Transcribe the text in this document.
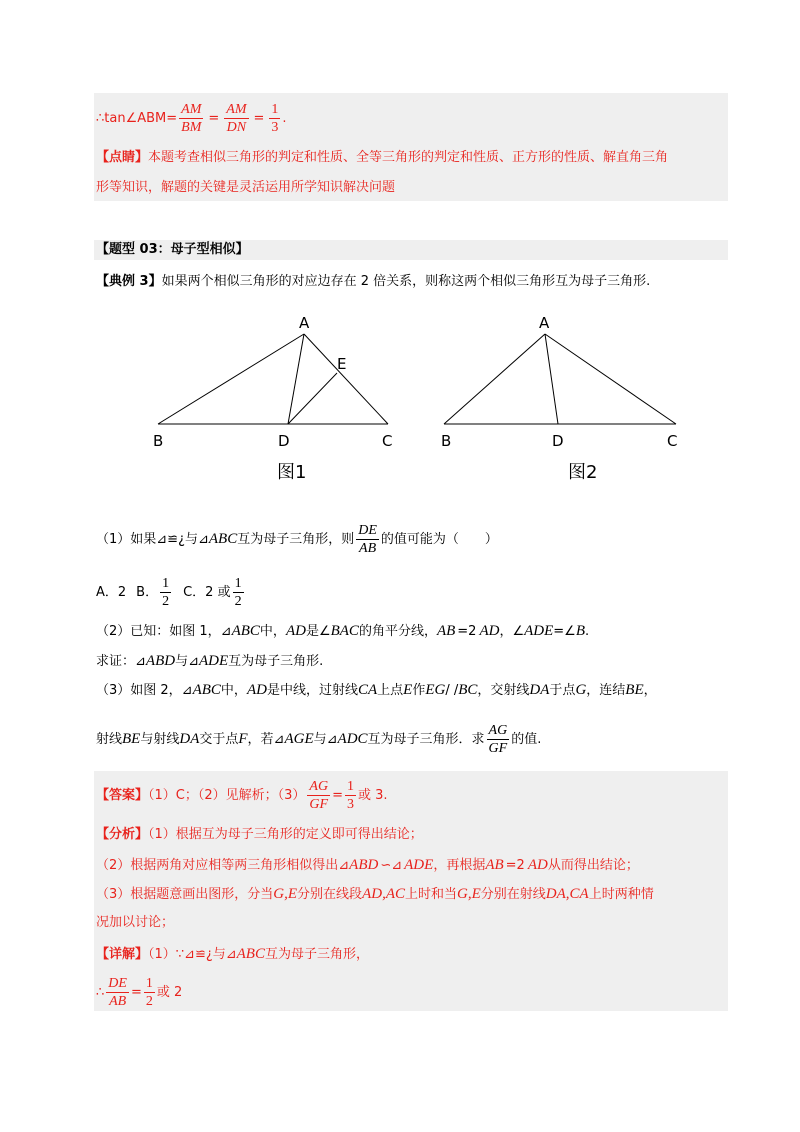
∴tan∠ABM= $\frac{AM}{BM} = \frac{AM}{DN} = \frac{1}{3}$ .
【点睛】本题考查相似三角形的判定和性质、全等三角形的判定和性质、正方形的性质、解直角三角
形等知识，解题的关键是灵活运用所学知识解决问题
【题型 03：母子型相似】
【典例 3】如果两个相似三角形的对应边存在 2 倍关系，则称这两个相似三角形互为母子三角形.
A
E
B	D	C
图1
A
B	D	C
图2
（1）如果⊿≌¿与⊿ABC互为母子三角形，则 $\frac{DE}{AB}$ 的值可能为（　　）
A．2 B． $\frac{1}{2}$ C．2 或 $\frac{1}{2}$
（2）已知：如图 1，⊿ABC中，AD是∠BAC的角平分线，AB =2 AD，∠ADE=∠B.
求证：⊿ABD与⊿ADE互为母子三角形.
（3）如图 2，⊿ABC中，AD是中线，过射线CA上点E作EG/ /BC，交射线DA于点G，连结BE，
射线BE与射线DA交于点F，若⊿AGE与⊿ADC互为母子三角形．求 $\frac{AG}{GF}$ 的值.
【答案】（1）C；（2）见解析；$(3) \frac{AG}{GF} = \frac{1}{3}$ 或 3.
【分析】（1）根据互为母子三角形的定义即可得出结论；
（2）根据两角对应相等两三角形相似得出⊿ABD ∽⊿ ADE，再根据AB =2 AD从而得出结论；
（3）根据题意画出图形，分当G,E分别在线段AD,AC上时和当G,E分别在射线DA,CA上时两种情
况加以讨论；
【详解】（1）∵⊿≌¿与⊿ABC互为母子三角形，
∴ $\frac{DE}{AB} = \frac{1}{2}$ 或 2
